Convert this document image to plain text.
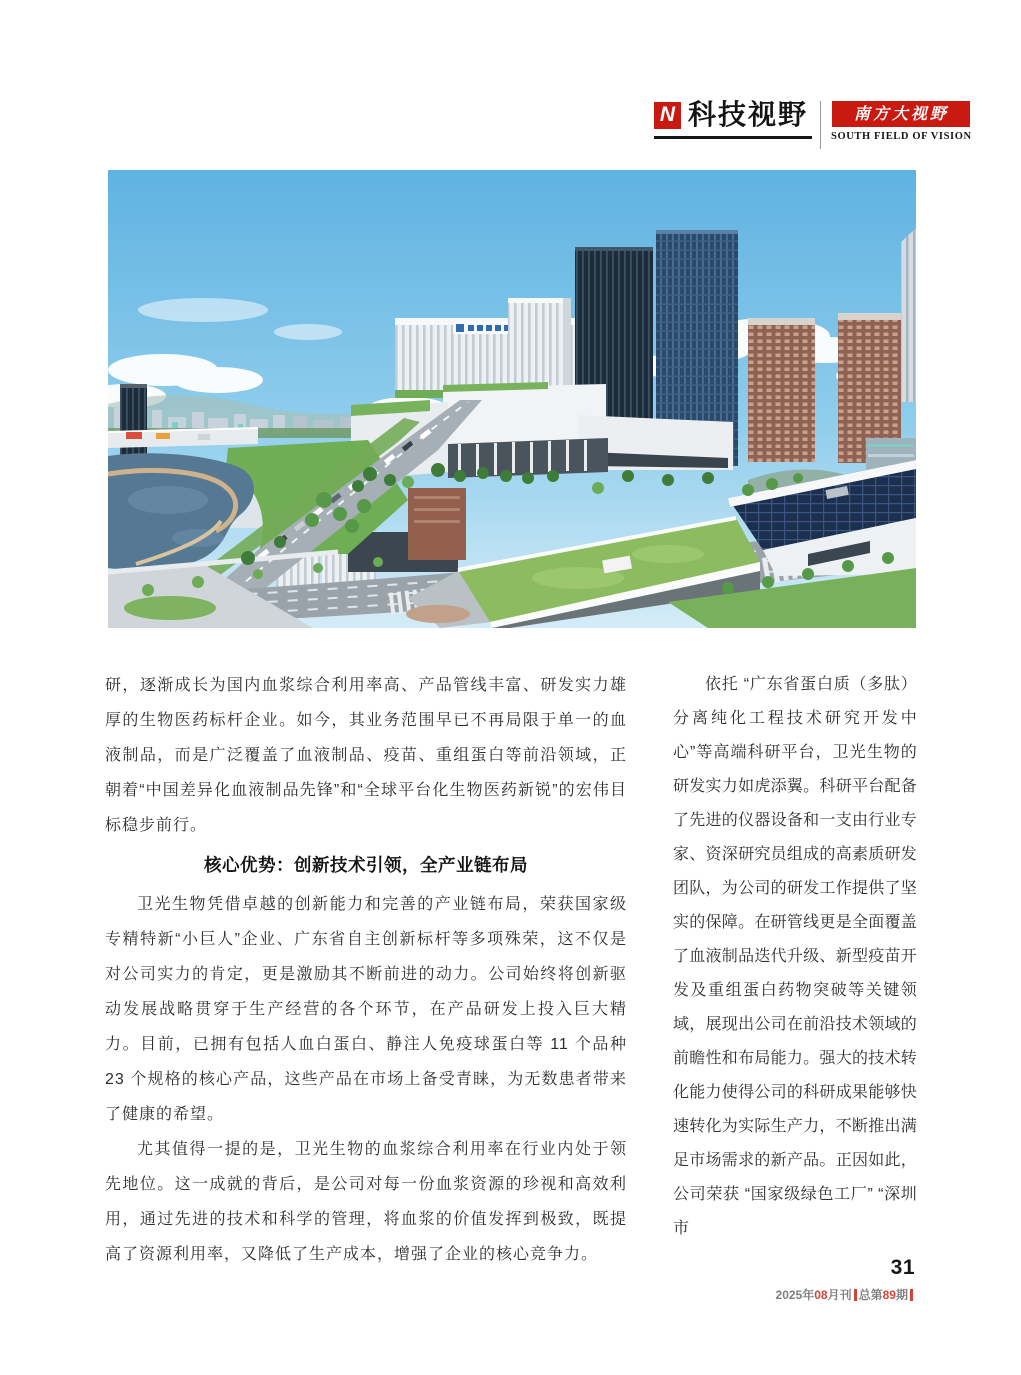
N 科技视野	南方大视野
SOUTH FIELD OF VISION

研，逐渐成长为国内血浆综合利用率高、产品管线丰富、研发实力雄厚的生物医药标杆企业。如今，其业务范围早已不再局限于单一的血液制品，而是广泛覆盖了血液制品、疫苗、重组蛋白等前沿领域，正朝着“中国差异化血液制品先锋”和“全球平台化生物医药新锐”的宏伟目标稳步前行。

核心优势：创新技术引领，全产业链布局

卫光生物凭借卓越的创新能力和完善的产业链布局，荣获国家级专精特新“小巨人”企业、广东省自主创新标杆等多项殊荣，这不仅是对公司实力的肯定，更是激励其不断前进的动力。公司始终将创新驱动发展战略贯穿于生产经营的各个环节，在产品研发上投入巨大精力。目前，已拥有包括人血白蛋白、静注人免疫球蛋白等 11 个品种 23 个规格的核心产品，这些产品在市场上备受青睐，为无数患者带来了健康的希望。

尤其值得一提的是，卫光生物的血浆综合利用率在行业内处于领先地位。这一成就的背后，是公司对每一份血浆资源的珍视和高效利用，通过先进的技术和科学的管理，将血浆的价值发挥到极致，既提高了资源利用率，又降低了生产成本，增强了企业的核心竞争力。

依托 “广东省蛋白质（多肽）分离纯化工程技术研究开发中心”等高端科研平台，卫光生物的研发实力如虎添翼。科研平台配备了先进的仪器设备和一支由行业专家、资深研究员组成的高素质研发团队，为公司的研发工作提供了坚实的保障。在研管线更是全面覆盖了血液制品迭代升级、新型疫苗开发及重组蛋白药物突破等关键领域，展现出公司在前沿技术领域的前瞻性和布局能力。强大的技术转化能力使得公司的科研成果能够快速转化为实际生产力，不断推出满足市场需求的新产品。正因如此，公司荣获 “国家级绿色工厂” “深圳市

31
2025年 08 月刊 总第 89 期
